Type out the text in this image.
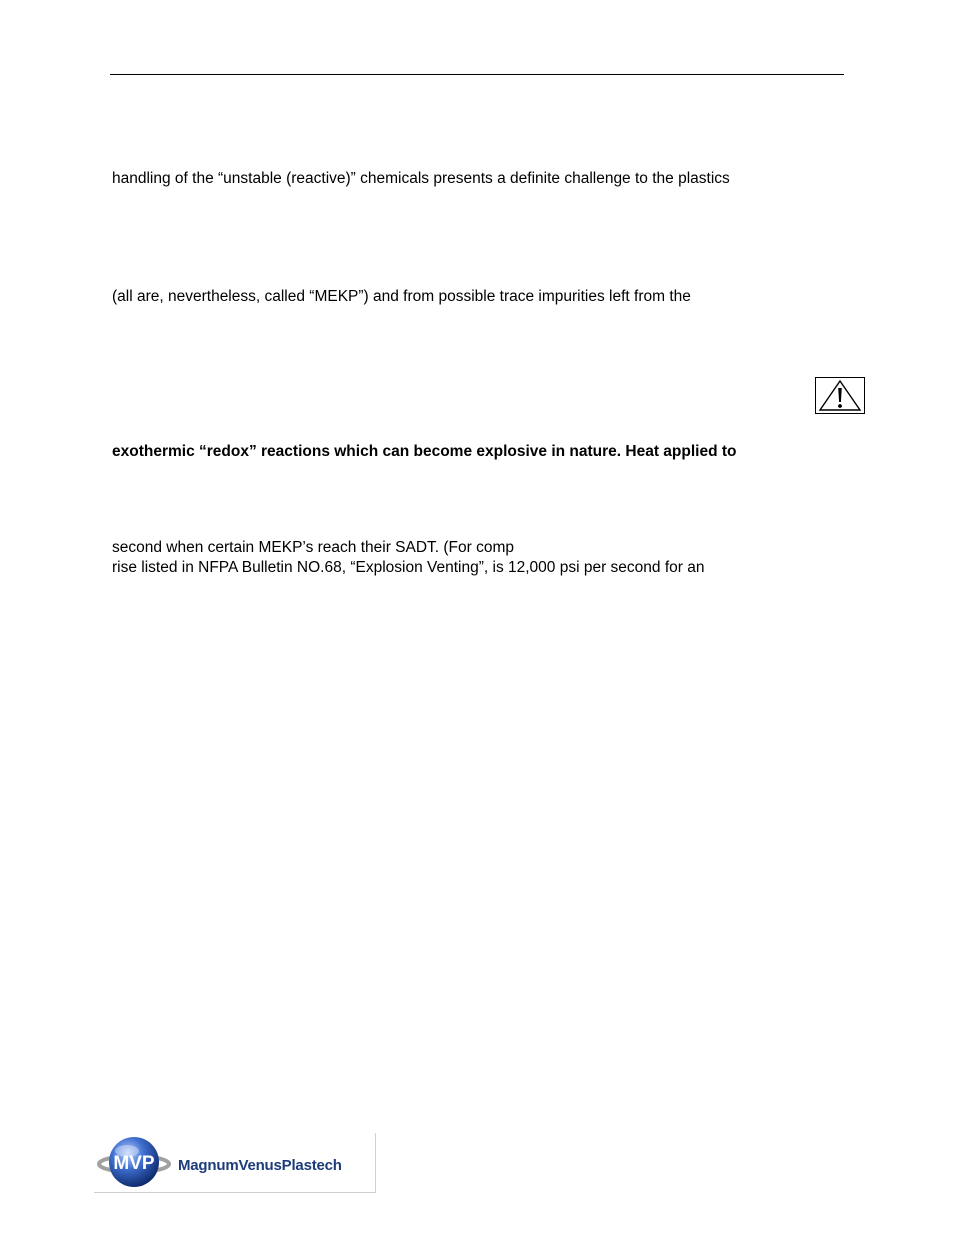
handling of the “unstable (reactive)” chemicals presents a definite challenge to the plastics
(all are, nevertheless, called “MEKP”) and from possible trace impurities left from the
exothermic “redox” reactions which can become explosive in nature. Heat applied to
second when certain MEKP’s reach their SADT. (For comp
rise listed in NFPA Bulletin NO.68, “Explosion Venting”, is 12,000 psi per second for an
MVP MagnumVenusPlastech
